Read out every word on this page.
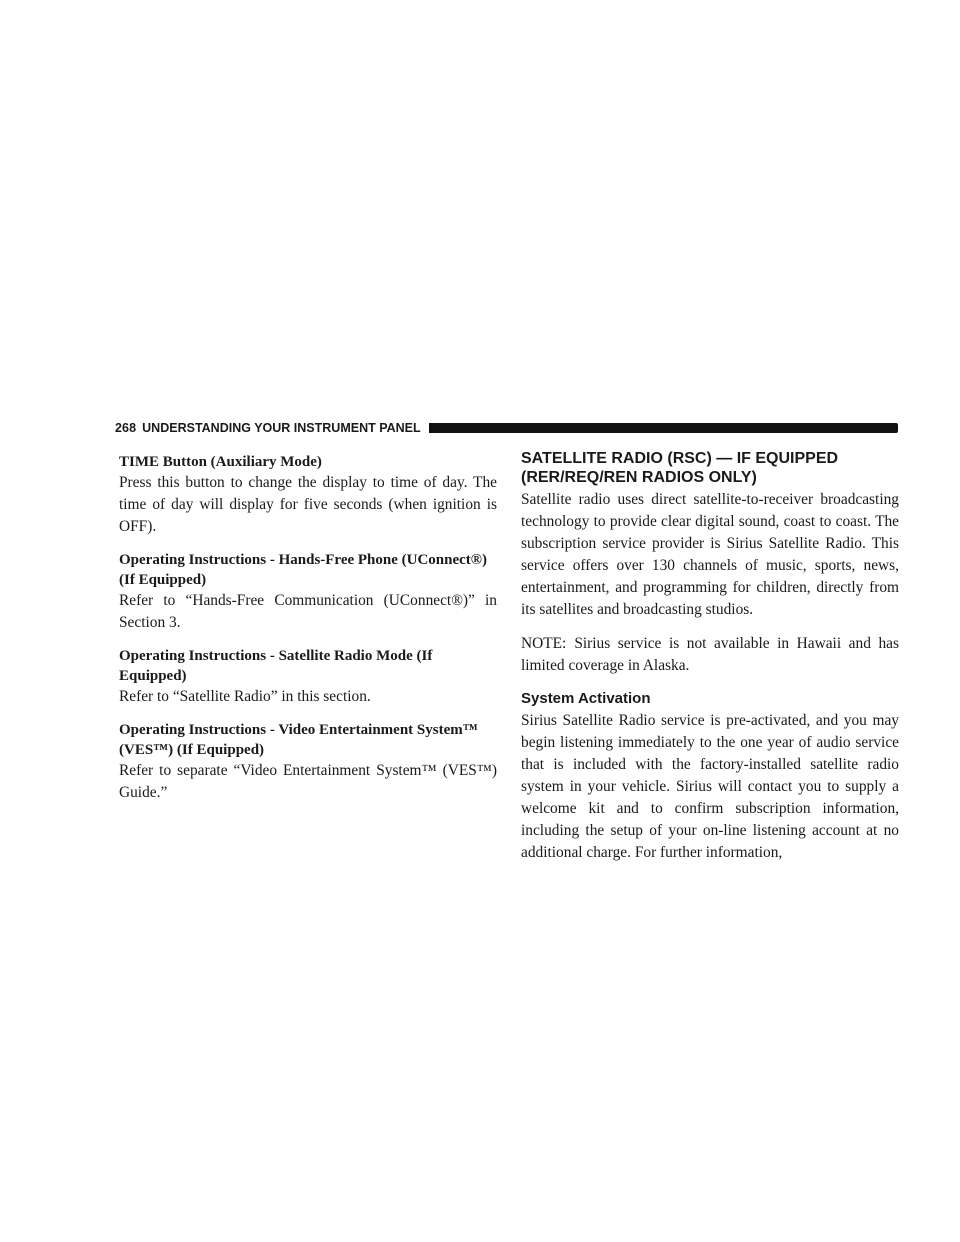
268 UNDERSTANDING YOUR INSTRUMENT PANEL
TIME Button (Auxiliary Mode)

Press this button to change the display to time of day. The time of day will display for five seconds (when ignition is OFF).

Operating Instructions - Hands-Free Phone (UConnect®) (If Equipped)

Refer to “Hands-Free Communication (UConnect®)” in Section 3.

Operating Instructions - Satellite Radio Mode (If Equipped)

Refer to “Satellite Radio” in this section.

Operating Instructions - Video Entertainment System™ (VES™) (If Equipped)

Refer to separate “Video Entertainment System™ (VES™) Guide.”

SATELLITE RADIO (RSC) — IF EQUIPPED (RER/REQ/REN RADIOS ONLY)

Satellite radio uses direct satellite-to-receiver broadcasting technology to provide clear digital sound, coast to coast. The subscription service provider is Sirius Satellite Radio. This service offers over 130 channels of music, sports, news, entertainment, and programming for children, directly from its satellites and broadcasting studios.

NOTE: Sirius service is not available in Hawaii and has limited coverage in Alaska.

System Activation

Sirius Satellite Radio service is pre-activated, and you may begin listening immediately to the one year of audio service that is included with the factory-installed satellite radio system in your vehicle. Sirius will contact you to supply a welcome kit and to confirm subscription information, including the setup of your on-line listening account at no additional charge. For further information,
